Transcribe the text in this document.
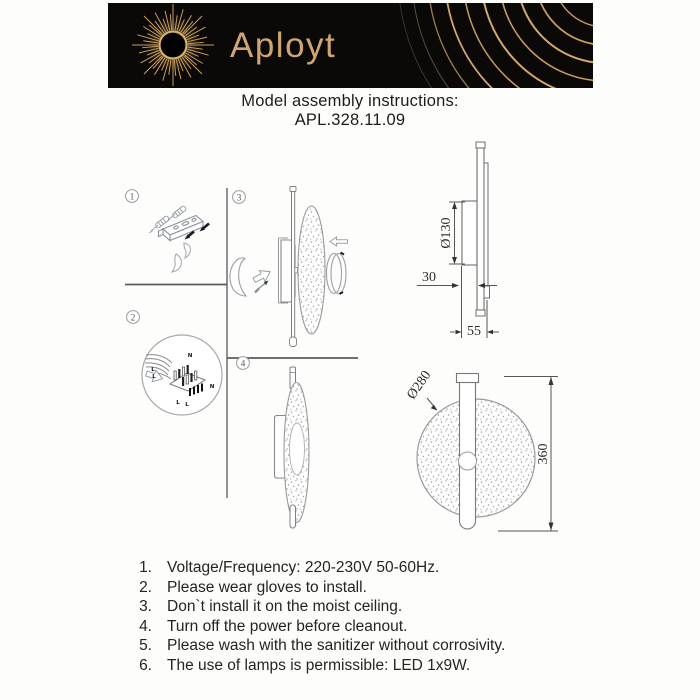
Aployt
Model assembly instructions:
APL.328.11.09
1
2
3
4
N
L
L
N
L L
Ø130
30
55
Ø280
360
1. Voltage/Frequency: 220-230V 50-60Hz.
2. Please wear gloves to install.
3. Don`t install it on the moist ceiling.
4. Turn off the power before cleanout.
5. Please wash with the sanitizer without corrosivity.
6. The use of lamps is permissible: LED 1x9W.
